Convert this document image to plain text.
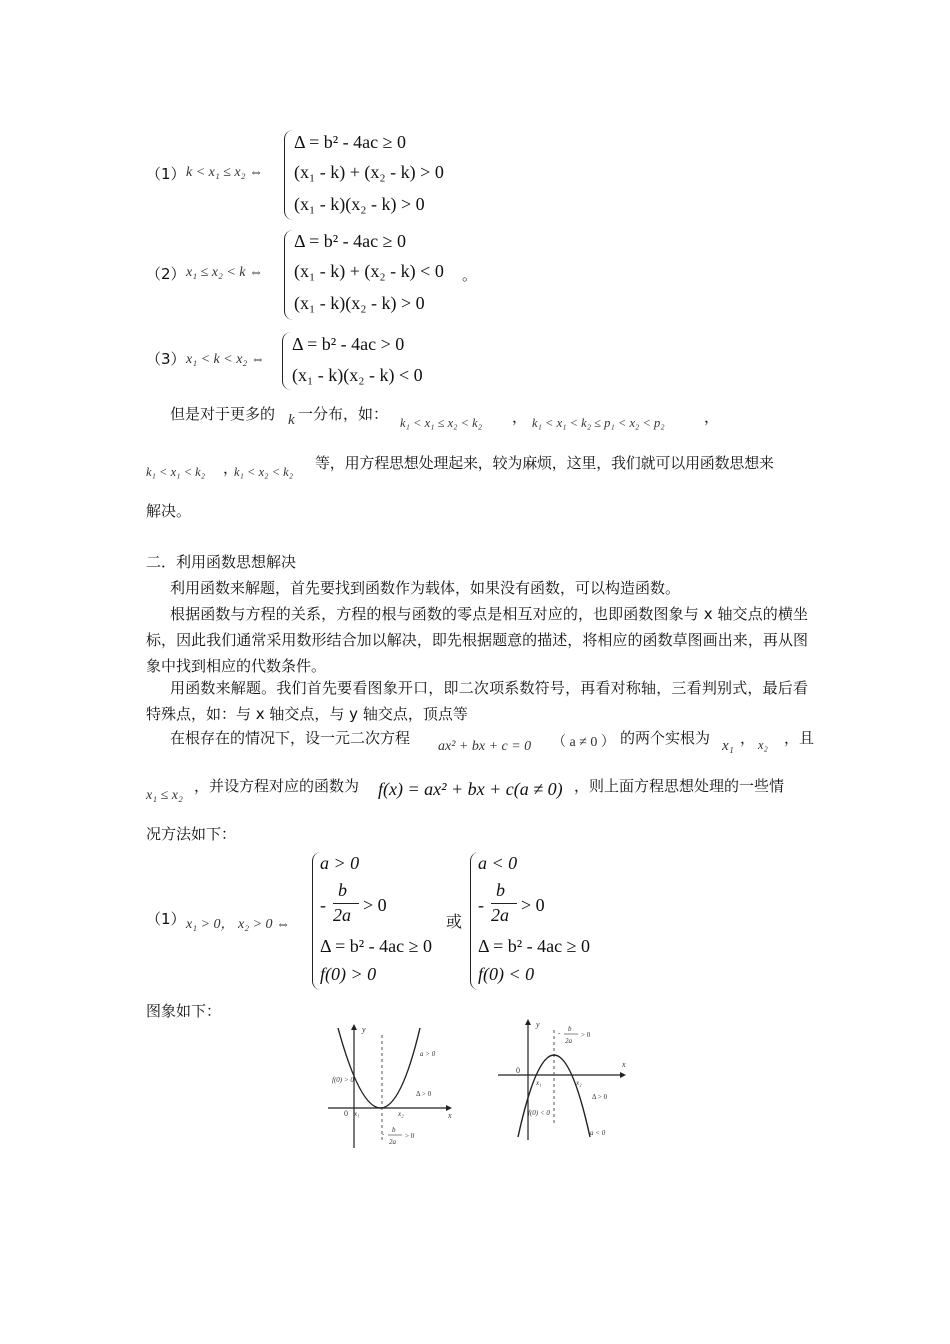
（1） k < x₁ ≤ x₂ ⇔
Δ = b² - 4ac ≥ 0
(x₁ - k) + (x₂ - k) > 0
(x₁ - k)(x₂ - k) > 0
（2） x₁ ≤ x₂ < k ⇔
Δ = b² - 4ac ≥ 0
(x₁ - k) + (x₂ - k) < 0 。
(x₁ - k)(x₂ - k) > 0
（3） x₁ < k < x₂ ⇔
Δ = b² - 4ac > 0
(x₁ - k)(x₂ - k) < 0
但是对于更多的 k 一分布，如： k₁ < x₁ ≤ x₂ < k₂ ， k₁ < x₁ < k₂ ≤ p₁ < x₂ < p₂	，
k₁ < x₁ < k₂ ，
k₁ < x₂ < k₂ 等，用方程思想处理起来，较为麻烦，这里，我们就可以用函数思想来
解决。
二．利用函数思想解决
利用函数来解题，首先要找到函数作为载体，如果没有函数，可以构造函数。
根据函数与方程的关系，方程的根与函数的零点是相互对应的，也即函数图象与 x 轴交点的横坐标，因此我们通常采用数形结合加以解决，即先根据题意的描述，将相应的函数草图画出来，再从图象中找到相应的代数条件。
用函数来解题。我们首先要看图象开口，即二次项系数符号，再看对称轴，三看判别式，最后看特殊点，如：与 x 轴交点，与 y 轴交点，顶点等
在根存在的情况下，设一元二次方程 ax² + bx + c = 0 （ a ≠ 0 ） 的两个实根为 x₁ ， x₂ ，且
x₁ ≤ x₂
，并设方程对应的函数为 f(x) = ax² + bx + c(a ≠ 0) ，则上面方程思想处理的一些情
况方法如下：
（1） x₁ > 0， x₂ > 0 ⇔
a > 0
-
b
2a > 0
Δ = b² - 4ac ≥ 0
f(0) > 0
或
a < 0
-
b
2a > 0
Δ = b² - 4ac ≥ 0
f(0) < 0
图象如下：
y
x
0 x₁	x₂
a > 0
f(0) > 0
Δ > 0
- b
2a
> 0
y
x
0
x₁	x₂
a < 0
f(0) < 0
Δ > 0
- b
2a
> 0
